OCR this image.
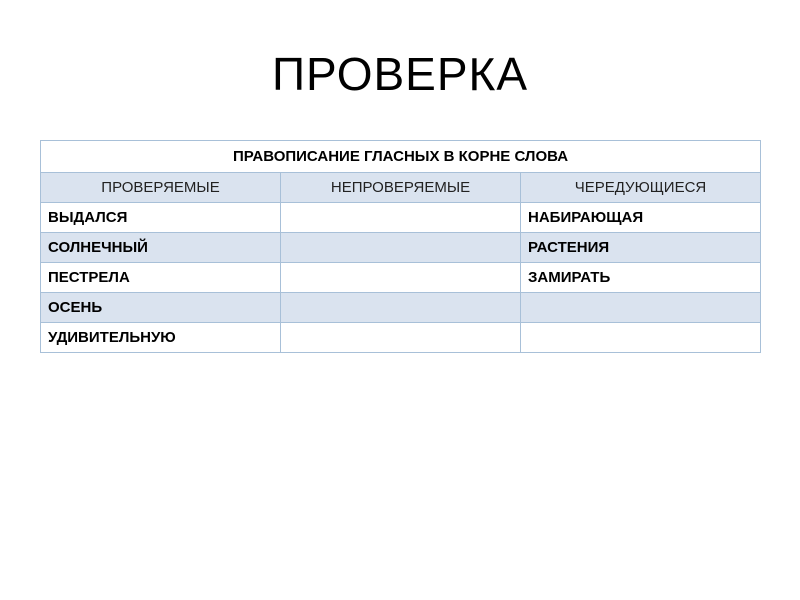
ПРОВЕРКА
ПРАВОПИСАНИЕ ГЛАСНЫХ В КОРНЕ СЛОВА		
ПРОВЕРЯЕМЫЕ	НЕПРОВЕРЯЕМЫЕ	ЧЕРЕДУЮЩИЕСЯ
ВЫДАЛСЯ		НАБИРАЮЩАЯ
СОЛНЕЧНЫЙ		РАСТЕНИЯ
ПЕСТРЕЛА		ЗАМИРАТЬ
ОСЕНЬ		
УДИВИТЕЛЬНУЮ		
